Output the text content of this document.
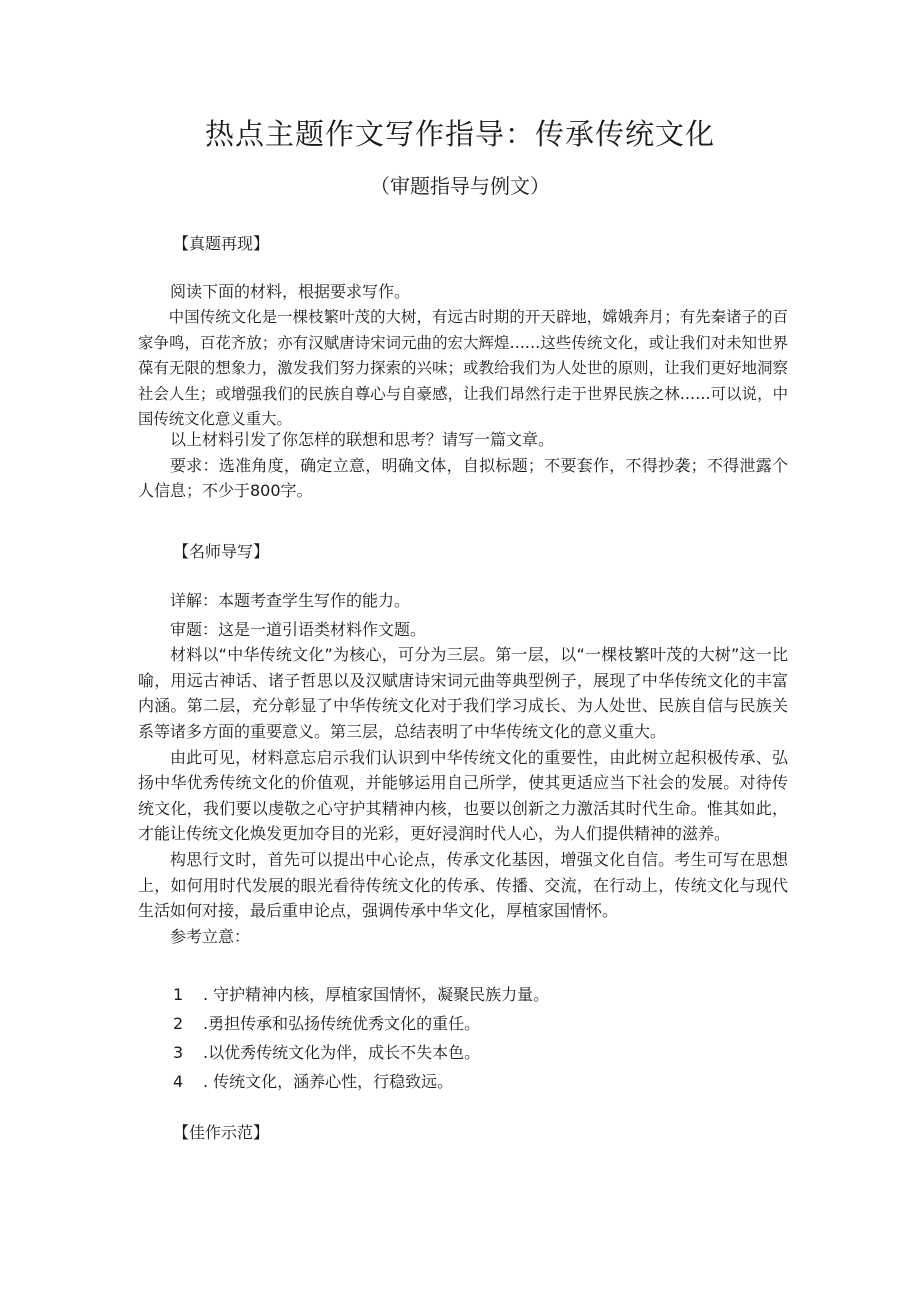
热点主题作文写作指导：传承传统文化
（审题指导与例文）
【真题再现】

阅读下面的材料，根据要求写作。

中国传统文化是一棵枝繁叶茂的大树，有远古时期的开天辟地，嫦娥奔月；有先秦诸子的百家争鸣，百花齐放；亦有汉赋唐诗宋词元曲的宏大辉煌……这些传统文化，或让我们对未知世界葆有无限的想象力，激发我们努力探索的兴味；或教给我们为人处世的原则，让我们更好地洞察社会人生；或增强我们的民族自尊心与自豪感，让我们昂然行走于世界民族之林……可以说，中国传统文化意义重大。

以上材料引发了你怎样的联想和思考？请写一篇文章。

要求：选准角度，确定立意，明确文体，自拟标题；不要套作，不得抄袭；不得泄露个人信息；不少于800字。

【名师导写】

详解：本题考查学生写作的能力。

审题：这是一道引语类材料作文题。

材料以“中华传统文化”为核心，可分为三层。第一层，以“一棵枝繁叶茂的大树”这一比喻，用远古神话、诸子哲思以及汉赋唐诗宋词元曲等典型例子，展现了中华传统文化的丰富内涵。第二层，充分彰显了中华传统文化对于我们学习成长、为人处世、民族自信与民族关系等诸多方面的重要意义。第三层，总结表明了中华传统文化的意义重大。

由此可见，材料意忘启示我们认识到中华传统文化的重要性，由此树立起积极传承、弘扬中华优秀传统文化的价值观，并能够运用自己所学，使其更适应当下社会的发展。对待传统文化，我们要以虔敬之心守护其精神内核，也要以创新之力激活其时代生命。惟其如此，才能让传统文化焕发更加夺目的光彩，更好浸润时代人心，为人们提供精神的滋养。

构思行文时，首先可以提出中心论点，传承文化基因，增强文化自信。考生可写在思想上，如何用时代发展的眼光看待传统文化的传承、传播、交流，在行动上，传统文化与现代生活如何对接，最后重申论点，强调传承中华文化，厚植家国情怀。

参考立意：

1	. 守护精神内核，厚植家国情怀，凝聚民族力量。
2	.勇担传承和弘扬传统优秀文化的重任。
3	.以优秀传统文化为伴，成长不失本色。
4	. 传统文化，涵养心性，行稳致远。
【佳作示范】
